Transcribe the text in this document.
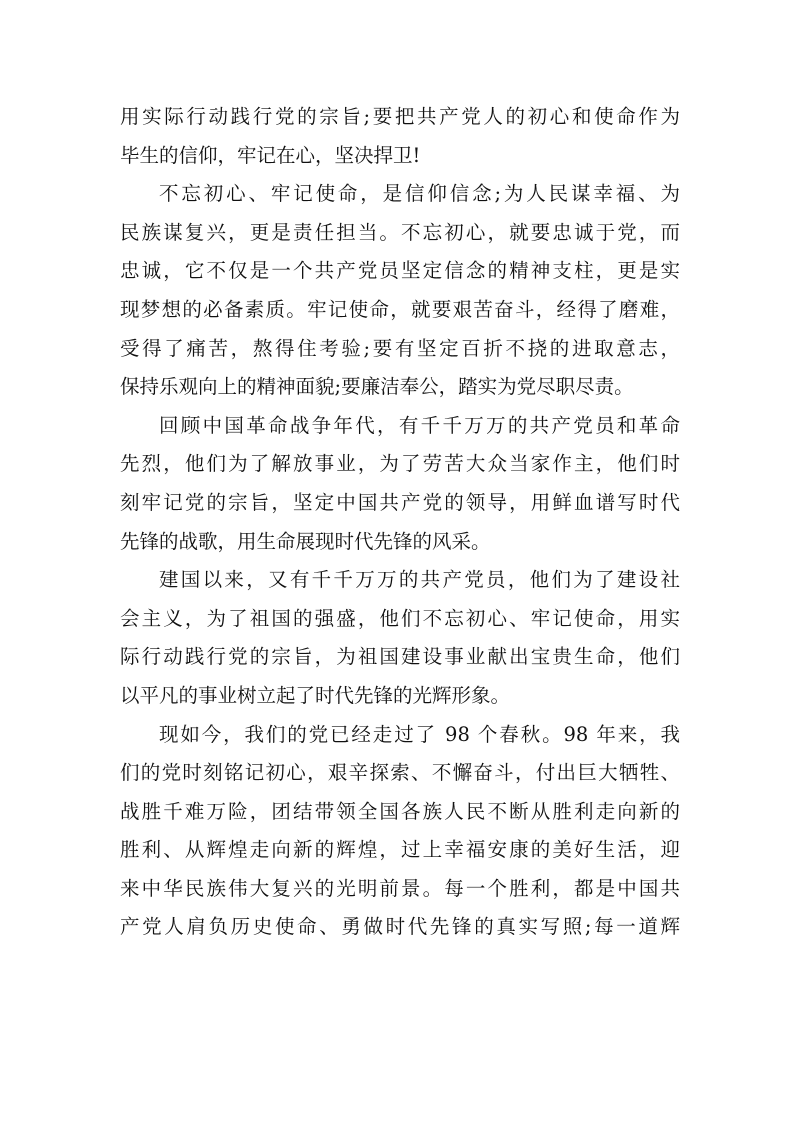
用实际行动践行党的宗旨;要把共产党人的初心和使命作为
毕生的信仰，牢记在心，坚决捍卫!
不忘初心、牢记使命，是信仰信念;为人民谋幸福、为
民族谋复兴，更是责任担当。不忘初心，就要忠诚于党，而
忠诚，它不仅是一个共产党员坚定信念的精神支柱，更是实
现梦想的必备素质。牢记使命，就要艰苦奋斗，经得了磨难，
受得了痛苦，熬得住考验;要有坚定百折不挠的进取意志，
保持乐观向上的精神面貌;要廉洁奉公，踏实为党尽职尽责。
回顾中国革命战争年代，有千千万万的共产党员和革命
先烈，他们为了解放事业，为了劳苦大众当家作主，他们时
刻牢记党的宗旨，坚定中国共产党的领导，用鲜血谱写时代
先锋的战歌，用生命展现时代先锋的风采。
建国以来，又有千千万万的共产党员，他们为了建设社
会主义，为了祖国的强盛，他们不忘初心、牢记使命，用实
际行动践行党的宗旨，为祖国建设事业献出宝贵生命，他们
以平凡的事业树立起了时代先锋的光辉形象。
现如今，我们的党已经走过了 98 个春秋。98 年来，我
们的党时刻铭记初心，艰辛探索、不懈奋斗，付出巨大牺牲、
战胜千难万险，团结带领全国各族人民不断从胜利走向新的
胜利、从辉煌走向新的辉煌，过上幸福安康的美好生活，迎
来中华民族伟大复兴的光明前景。每一个胜利，都是中国共
产党人肩负历史使命、勇做时代先锋的真实写照;每一道辉
